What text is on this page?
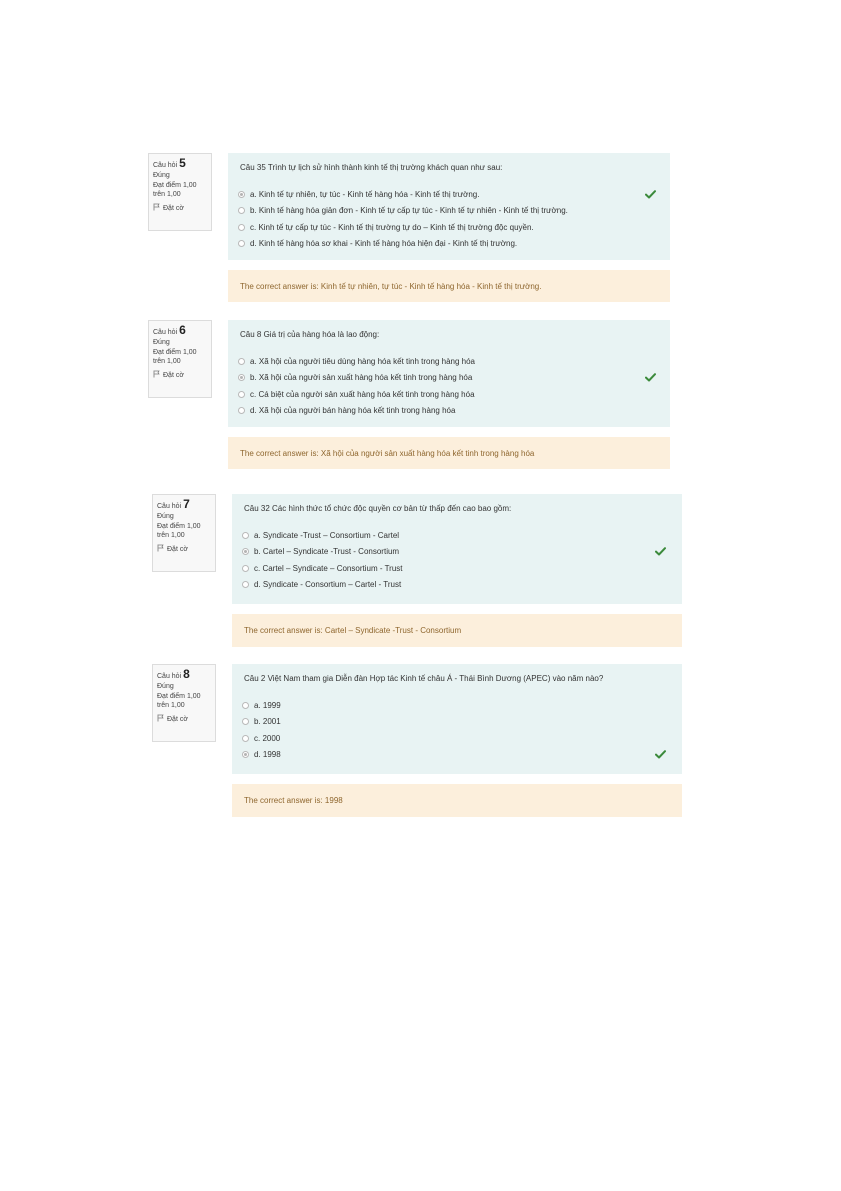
Câu hỏi 5
Đúng
Đạt điểm 1,00
trên 1,00
Đặt cờ
Câu 35 Trình tự lịch sử hình thành kinh tế thị trường khách quan như sau:
a. Kinh tế tự nhiên, tự túc - Kinh tế hàng hóa - Kinh tế thị trường.
b. Kinh tế hàng hóa giản đơn - Kinh tế tự cấp tự túc - Kinh tế tự nhiên - Kinh tế thị trường.
c. Kinh tế tự cấp tự túc - Kinh tế thị trường tự do – Kinh tế thị trường độc quyền.
d. Kinh tế hàng hóa sơ khai - Kinh tế hàng hóa hiện đại - Kinh tế thị trường.
The correct answer is: Kinh tế tự nhiên, tự túc - Kinh tế hàng hóa - Kinh tế thị trường.
Câu hỏi 6
Đúng
Đạt điểm 1,00
trên 1,00
Đặt cờ
Câu 8 Giá trị của hàng hóa là lao động:
a. Xã hội của người tiêu dùng hàng hóa kết tinh trong hàng hóa
b. Xã hội của người sản xuất hàng hóa kết tinh trong hàng hóa
c. Cá biệt của người sản xuất hàng hóa kết tinh trong hàng hóa
d. Xã hội của người bán hàng hóa kết tinh trong hàng hóa
The correct answer is: Xã hội của người sản xuất hàng hóa kết tinh trong hàng hóa
Câu hỏi 7
Đúng
Đạt điểm 1,00
trên 1,00
Đặt cờ
Câu 32 Các hình thức tổ chức độc quyền cơ bản từ thấp đến cao bao gồm:
a. Syndicate -Trust – Consortium - Cartel
b. Cartel – Syndicate -Trust - Consortium
c. Cartel – Syndicate – Consortium - Trust
d. Syndicate - Consortium – Cartel - Trust
The correct answer is: Cartel – Syndicate -Trust - Consortium
Câu hỏi 8
Đúng
Đạt điểm 1,00
trên 1,00
Đặt cờ
Câu 2 Việt Nam tham gia Diễn đàn Hợp tác Kinh tế châu Á - Thái Bình Dương (APEC) vào năm nào?
a. 1999
b. 2001
c. 2000
d. 1998
The correct answer is: 1998
